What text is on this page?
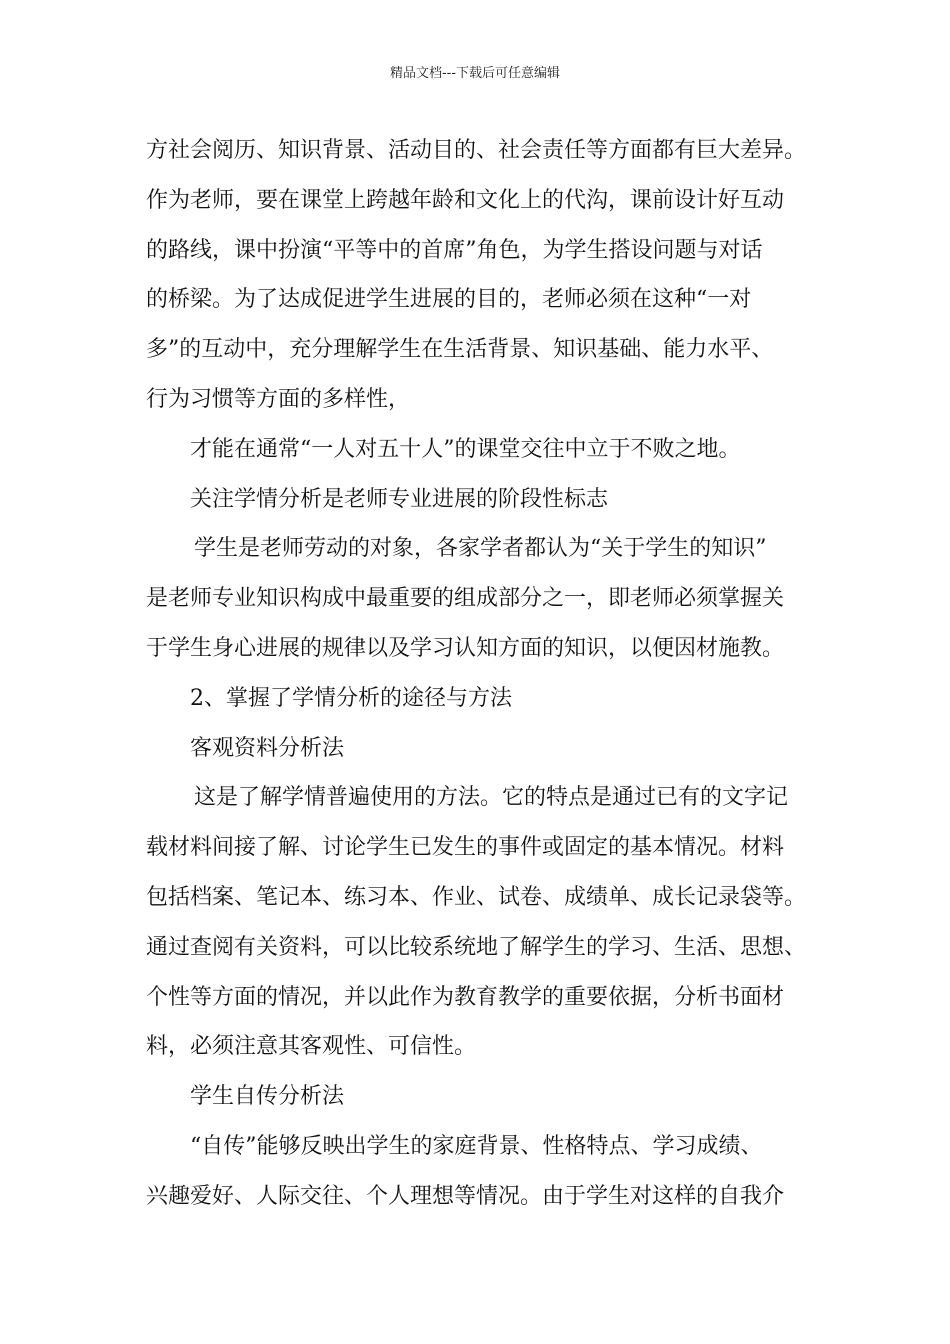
精品文档---下载后可任意编辑
方社会阅历、知识背景、活动目的、社会责任等方面都有巨大差异。
作为老师，要在课堂上跨越年龄和文化上的代沟，课前设计好互动
的路线，课中扮演“平等中的首席”角色，为学生搭设问题与对话
的桥梁。为了达成促进学生进展的目的，老师必须在这种“一对
多”的互动中，充分理解学生在生活背景、知识基础、能力水平、
行为习惯等方面的多样性，
才能在通常“一人对五十人”的课堂交往中立于不败之地。
关注学情分析是老师专业进展的阶段性标志
学生是老师劳动的对象，各家学者都认为“关于学生的知识”
是老师专业知识构成中最重要的组成部分之一，即老师必须掌握关
于学生身心进展的规律以及学习认知方面的知识，以便因材施教。
2、掌握了学情分析的途径与方法
客观资料分析法
这是了解学情普遍使用的方法。它的特点是通过已有的文字记
载材料间接了解、讨论学生已发生的事件或固定的基本情况。材料
包括档案、笔记本、练习本、作业、试卷、成绩单、成长记录袋等。
通过查阅有关资料，可以比较系统地了解学生的学习、生活、思想、
个性等方面的情况，并以此作为教育教学的重要依据，分析书面材
料，必须注意其客观性、可信性。
学生自传分析法
“自传”能够反映出学生的家庭背景、性格特点、学习成绩、
兴趣爱好、人际交往、个人理想等情况。由于学生对这样的自我介
